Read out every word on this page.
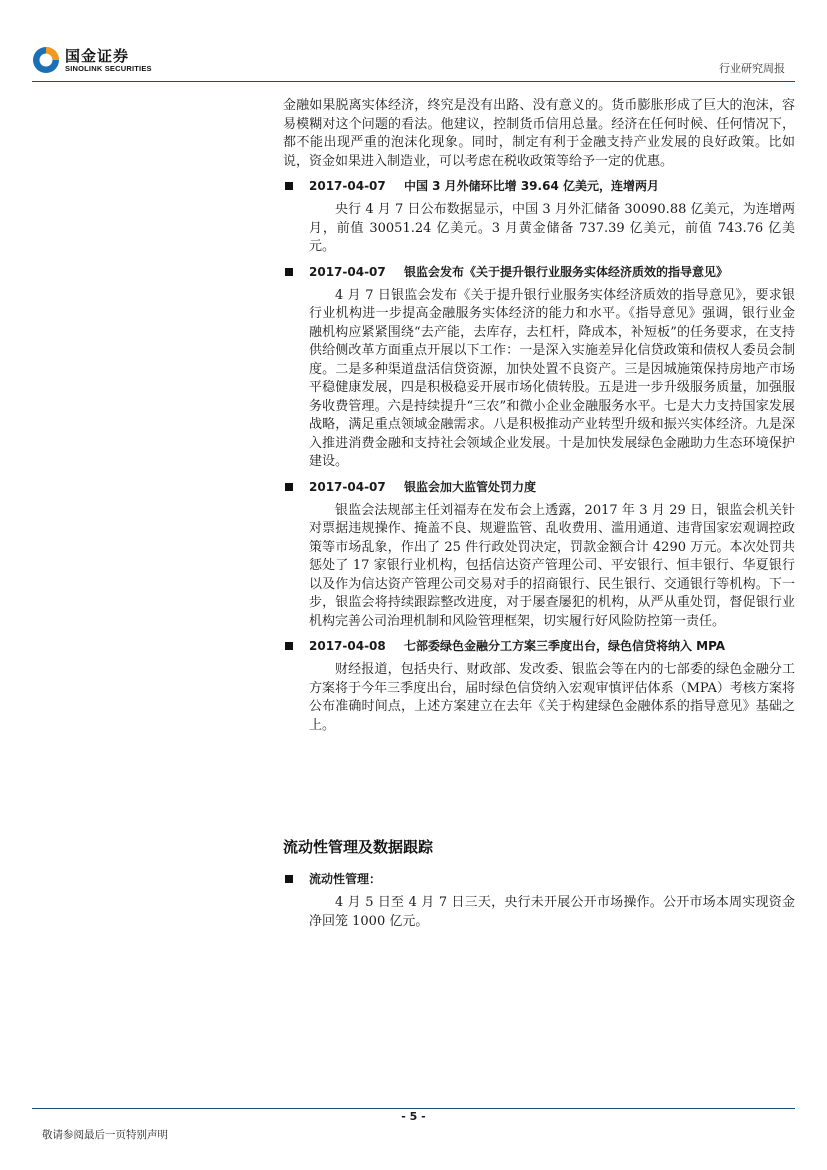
国金证券
SINOLINK SECURITIES	行业研究周报

金融如果脱离实体经济，终究是没有出路、没有意义的。货币膨胀形成了巨大的泡沫，容易模糊对这个问题的看法。他建议，控制货币信用总量。经济在任何时候、任何情况下，都不能出现严重的泡沫化现象。同时，制定有利于金融支持产业发展的良好政策。比如说，资金如果进入制造业，可以考虑在税收政策等给予一定的优惠。

2017-04-07 中国 3 月外储环比增 39.64 亿美元，连增两月

央行 4 月 7 日公布数据显示，中国 3 月外汇储备 30090.88 亿美元，为连增两月，前值 30051.24 亿美元。3 月黄金储备 737.39 亿美元，前值 743.76 亿美元。

2017-04-07 银监会发布《关于提升银行业服务实体经济质效的指导意见》

4 月 7 日银监会发布《关于提升银行业服务实体经济质效的指导意见》，要求银行业机构进一步提高金融服务实体经济的能力和水平。《指导意见》强调，银行业金融机构应紧紧围绕“去产能，去库存，去杠杆，降成本，补短板”的任务要求，在支持供给侧改革方面重点开展以下工作：一是深入实施差异化信贷政策和债权人委员会制度。二是多种渠道盘活信贷资源，加快处置不良资产。三是因城施策保持房地产市场平稳健康发展，四是积极稳妥开展市场化债转股。五是进一步升级服务质量，加强服务收费管理。六是持续提升“三农”和微小企业金融服务水平。七是大力支持国家发展战略，满足重点领域金融需求。八是积极推动产业转型升级和振兴实体经济。九是深入推进消费金融和支持社会领域企业发展。十是加快发展绿色金融助力生态环境保护建设。

2017-04-07 银监会加大监管处罚力度

银监会法规部主任刘福寿在发布会上透露，2017 年 3 月 29 日，银监会机关针对票据违规操作、掩盖不良、规避监管、乱收费用、滥用通道、违背国家宏观调控政策等市场乱象，作出了 25 件行政处罚决定，罚款金额合计 4290 万元。本次处罚共惩处了 17 家银行业机构，包括信达资产管理公司、平安银行、恒丰银行、华夏银行以及作为信达资产管理公司交易对手的招商银行、民生银行、交通银行等机构。下一步，银监会将持续跟踪整改进度，对于屡查屡犯的机构，从严从重处罚，督促银行业机构完善公司治理机制和风险管理框架，切实履行好风险防控第一责任。

2017-04-08 七部委绿色金融分工方案三季度出台，绿色信贷将纳入 MPA

财经报道，包括央行、财政部、发改委、银监会等在内的七部委的绿色金融分工方案将于今年三季度出台，届时绿色信贷纳入宏观审慎评估体系（MPA）考核方案将公布准确时间点，上述方案建立在去年《关于构建绿色金融体系的指导意见》基础之上。

流动性管理及数据跟踪
流动性管理：

4 月 5 日至 4 月 7 日三天，央行未开展公开市场操作。公开市场本周实现资金净回笼 1000 亿元。

- 5 -
敬请参阅最后一页特别声明
